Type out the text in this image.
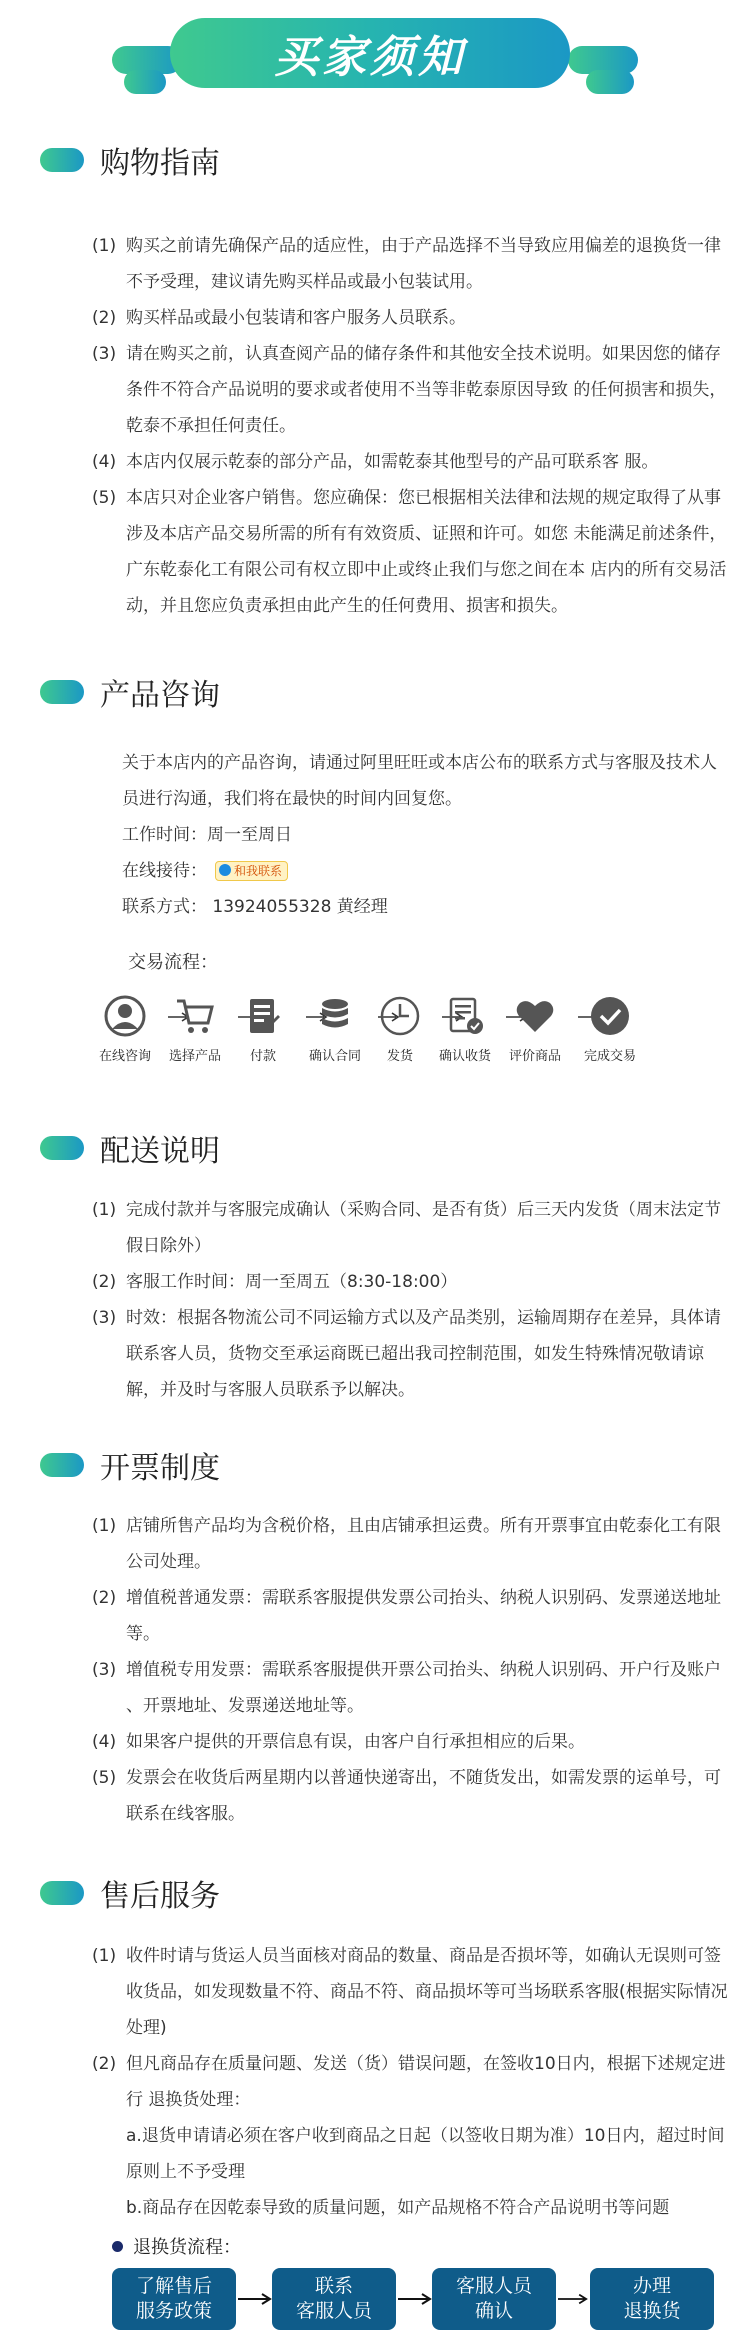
买家须知
购物指南
(1) 购买之前请先确保产品的适应性，由于产品选择不当导致应用偏差的退换货一律不予受理，建议请先购买样品或最小包装试用。
(2) 购买样品或最小包装请和客户服务人员联系。
(3) 请在购买之前，认真查阅产品的储存条件和其他安全技术说明。如果因您的储存条件不符合产品说明的要求或者使用不当等非乾泰原因导致 的任何损害和损失，乾泰不承担任何责任。
(4) 本店内仅展示乾泰的部分产品，如需乾泰其他型号的产品可联系客 服。
(5) 本店只对企业客户销售。您应确保：您已根据相关法律和法规的规定取得了从事涉及本店产品交易所需的所有有效资质、证照和许可。如您 未能满足前述条件，广东乾泰化工有限公司有权立即中止或终止我们与您之间在本 店内的所有交易活动，并且您应负责承担由此产生的任何费用、损害和损失。
产品咨询
关于本店内的产品咨询，请通过阿里旺旺或本店公布的联系方式与客服及技术人员进行沟通，我们将在最快的时间内回复您。
工作时间：周一至周日
在线接待： 和我联系
联系方式： 13924055328 黄经理
交易流程：
在线咨询	选择产品	付款	确认合同	发货	确认收货	评价商品	完成交易
配送说明
(1) 完成付款并与客服完成确认（采购合同、是否有货）后三天内发货（周末法定节假日除外）
(2) 客服工作时间：周一至周五（8:30-18:00）
(3) 时效：根据各物流公司不同运输方式以及产品类别，运输周期存在差异，具体请联系客人员，货物交至承运商既已超出我司控制范围，如发生特殊情况敬请谅解，并及时与客服人员联系予以解决。
开票制度
(1) 店铺所售产品均为含税价格，且由店铺承担运费。所有开票事宜由乾泰化工有限公司处理。
(2) 增值税普通发票：需联系客服提供发票公司抬头、纳税人识别码、发票递送地址等。
(3) 增值税专用发票：需联系客服提供开票公司抬头、纳税人识别码、开户行及账户 、开票地址、发票递送地址等。
(4) 如果客户提供的开票信息有误，由客户自行承担相应的后果。
(5) 发票会在收货后两星期内以普通快递寄出，不随货发出，如需发票的运单号，可联系在线客服。
售后服务
(1) 收件时请与货运人员当面核对商品的数量、商品是否损坏等，如确认无误则可签收货品，如发现数量不符、商品不符、商品损坏等可当场联系客服(根据实际情况处理)
(2) 但凡商品存在质量问题、发送（货）错误问题，在签收10日内，根据下述规定进行 退换货处理：
a.退货申请请必须在客户收到商品之日起（以签收日期为准）10日内，超过时间 原则上不予受理
b.商品存在因乾泰导致的质量问题，如产品规格不符合产品说明书等问题
退换货流程：
了解售后
服务政策
联系
客服人员
客服人员
确认
办理
退换货
